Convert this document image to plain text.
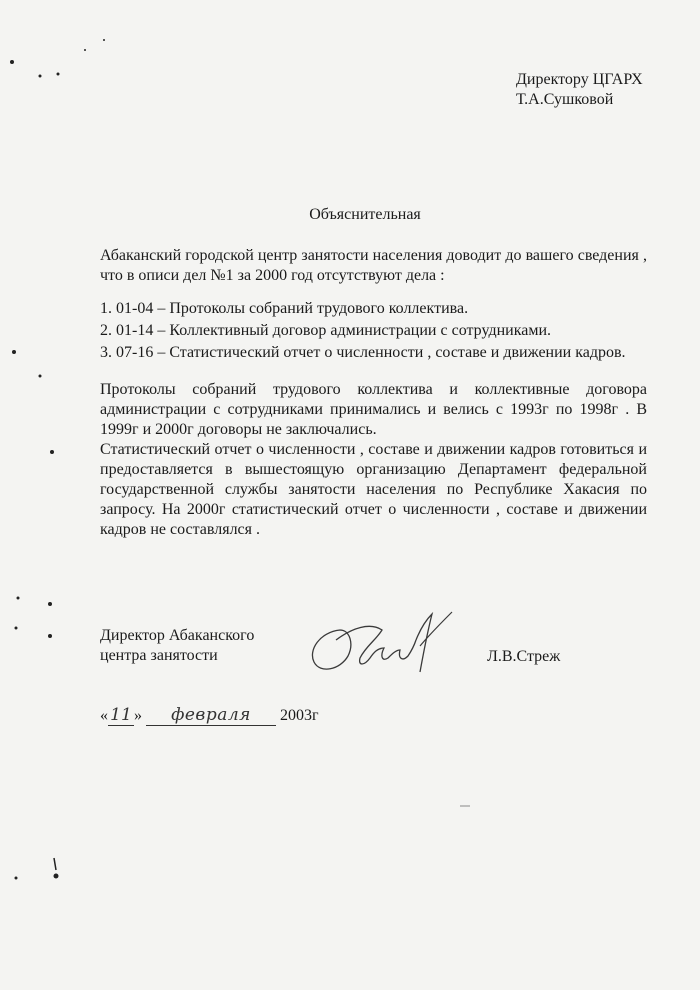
Директору ЦГАРХ
Т.А.Сушковой
Объяснительная
Абаканский городской центр занятости населения доводит до вашего сведения , что в описи дел №1 за 2000 год отсутствуют дела :
1. 01-04 – Протоколы собраний трудового коллектива.
2. 01-14 – Коллективный договор администрации с сотрудниками.
3. 07-16 – Статистический отчет о численности , составе и движении кадров.
Протоколы собраний трудового коллектива и коллективные договора администрации с сотрудниками принимались и велись с 1993г по 1998г . В 1999г и 2000г договоры не заключались.
Статистический отчет о численности , составе и движении кадров готовиться и предоставляется в вышестоящую организацию Департамент федеральной государственной службы занятости населения по Республике Хакасия по запросу. На 2000г статистический отчет о численности , составе и движении кадров не составлялся .
Директор Абаканского
центра занятости	Л.В.Стреж
« 11 » февраля 2003г
